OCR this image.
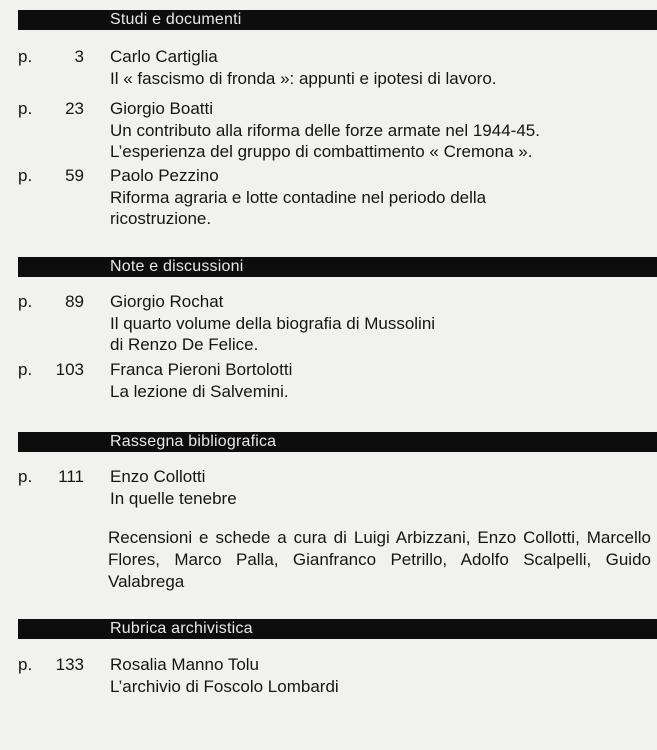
Studi e documenti
p.	3 Carlo Cartiglia
Il « fascismo di fronda »: appunti e ipotesi di lavoro.
p.	23 Giorgio Boatti
Un contributo alla riforma delle forze armate nel 1944-45.
L’esperienza del gruppo di combattimento « Cremona ».
p.	59 Paolo Pezzino
Riforma agraria e lotte contadine nel periodo della
ricostruzione.
Note e discussioni
p.	89 Giorgio Rochat
Il quarto volume della biografia di Mussolini
di Renzo De Felice.
p.	103 Franca Pieroni Bortolotti
La lezione di Salvemini.
Rassegna bibliografica
p.	111 Enzo Collotti
In quelle tenebre
Recensioni e schede a cura di Luigi Arbizzani, Enzo Collotti, Marcello Flores, Marco Palla, Gianfranco Petrillo, Adolfo Scalpelli, Guido Valabrega
Rubrica archivistica
p.	133 Rosalia Manno Tolu
L’archivio di Foscolo Lombardi
